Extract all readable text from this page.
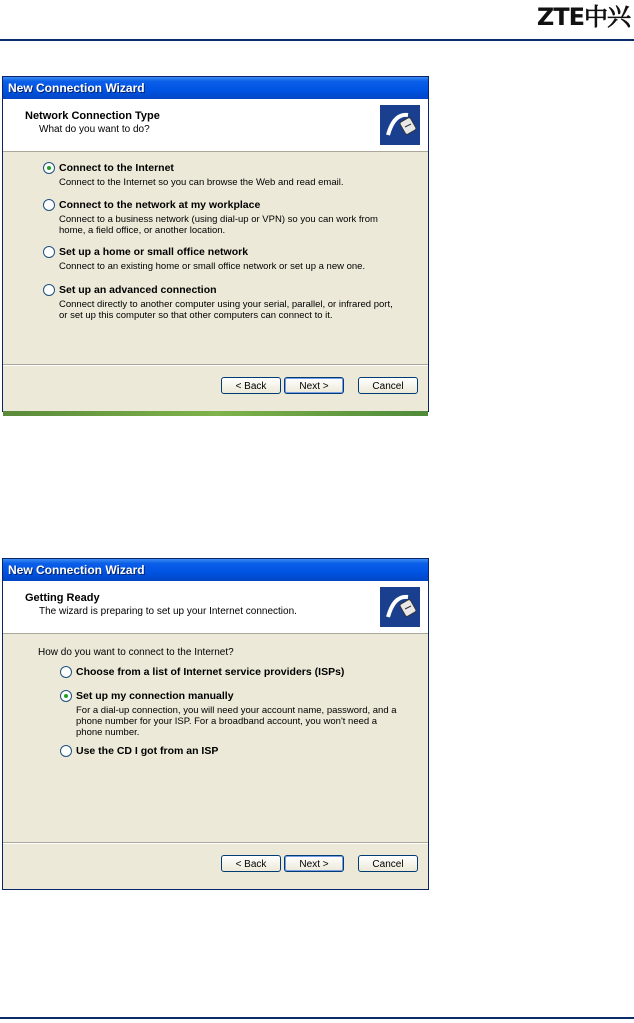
ZTE中兴
New Connection Wizard
Network Connection Type
What do you want to do?
Connect to the Internet
Connect to the Internet so you can browse the Web and read email.
Connect to the network at my workplace
Connect to a business network (using dial-up or VPN) so you can work from home, a field office, or another location.
Set up a home or small office network
Connect to an existing home or small office network or set up a new one.
Set up an advanced connection
Connect directly to another computer using your serial, parallel, or infrared port, or set up this computer so that other computers can connect to it.
< Back	Next >	Cancel
New Connection Wizard
Getting Ready
The wizard is preparing to set up your Internet connection.
How do you want to connect to the Internet?
Choose from a list of Internet service providers (ISPs)
Set up my connection manually
For a dial-up connection, you will need your account name, password, and a phone number for your ISP. For a broadband account, you won't need a phone number.
Use the CD I got from an ISP
< Back	Next >	Cancel
